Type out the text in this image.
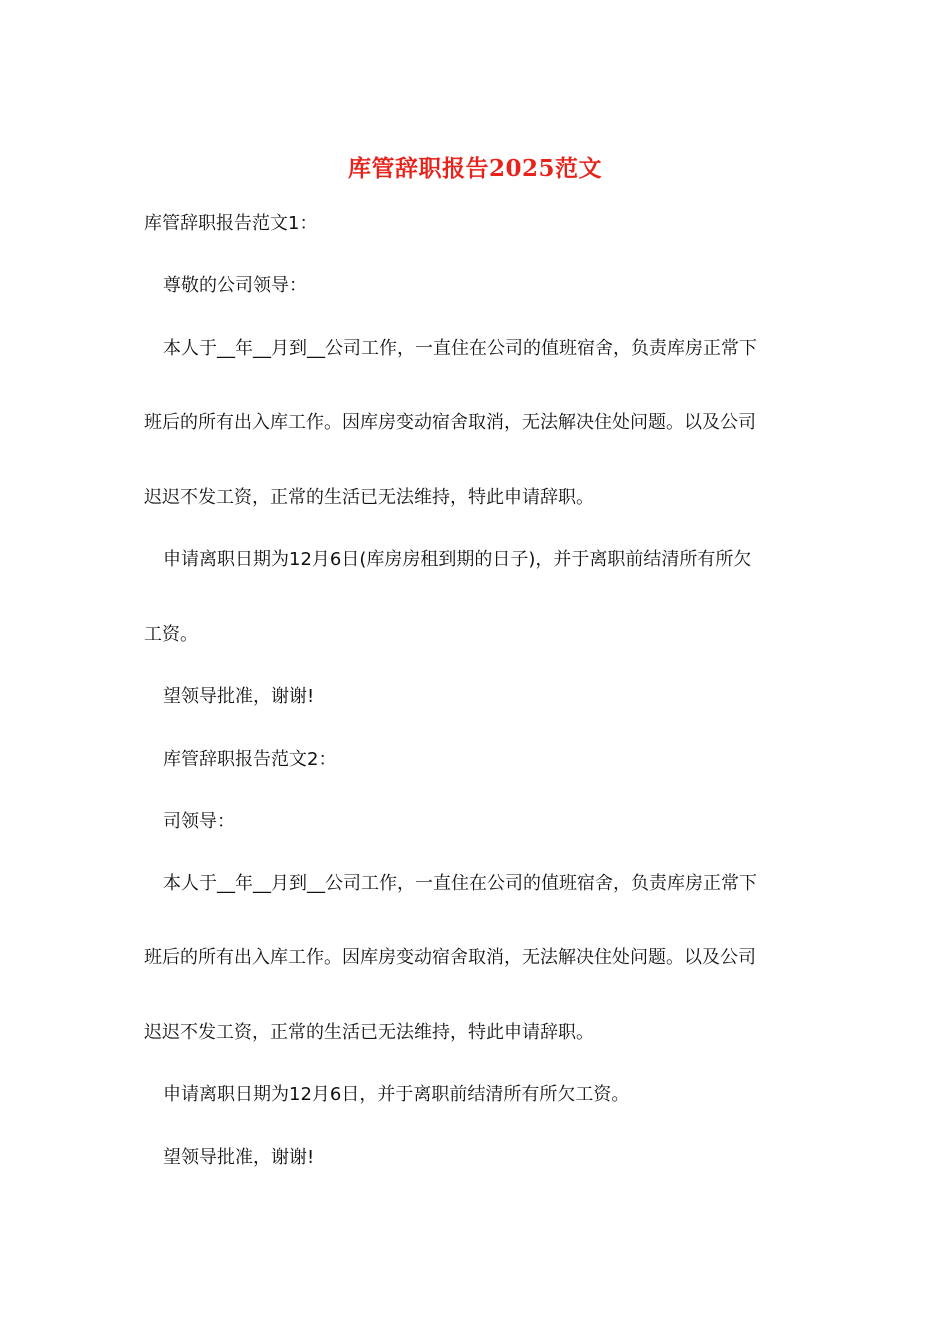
库管辞职报告2025范文
库管辞职报告范文1：
尊敬的公司领导：
本人于__年__月到__公司工作，一直住在公司的值班宿舍，负责库房正常下
班后的所有出入库工作。因库房变动宿舍取消，无法解决住处问题。以及公司
迟迟不发工资，正常的生活已无法维持，特此申请辞职。
申请离职日期为12月6日(库房房租到期的日子)，并于离职前结清所有所欠
工资。
望领导批准，谢谢!
库管辞职报告范文2：
司领导：
本人于__年__月到__公司工作，一直住在公司的值班宿舍，负责库房正常下
班后的所有出入库工作。因库房变动宿舍取消，无法解决住处问题。以及公司
迟迟不发工资，正常的生活已无法维持，特此申请辞职。
申请离职日期为12月6日，并于离职前结清所有所欠工资。
望领导批准，谢谢!
